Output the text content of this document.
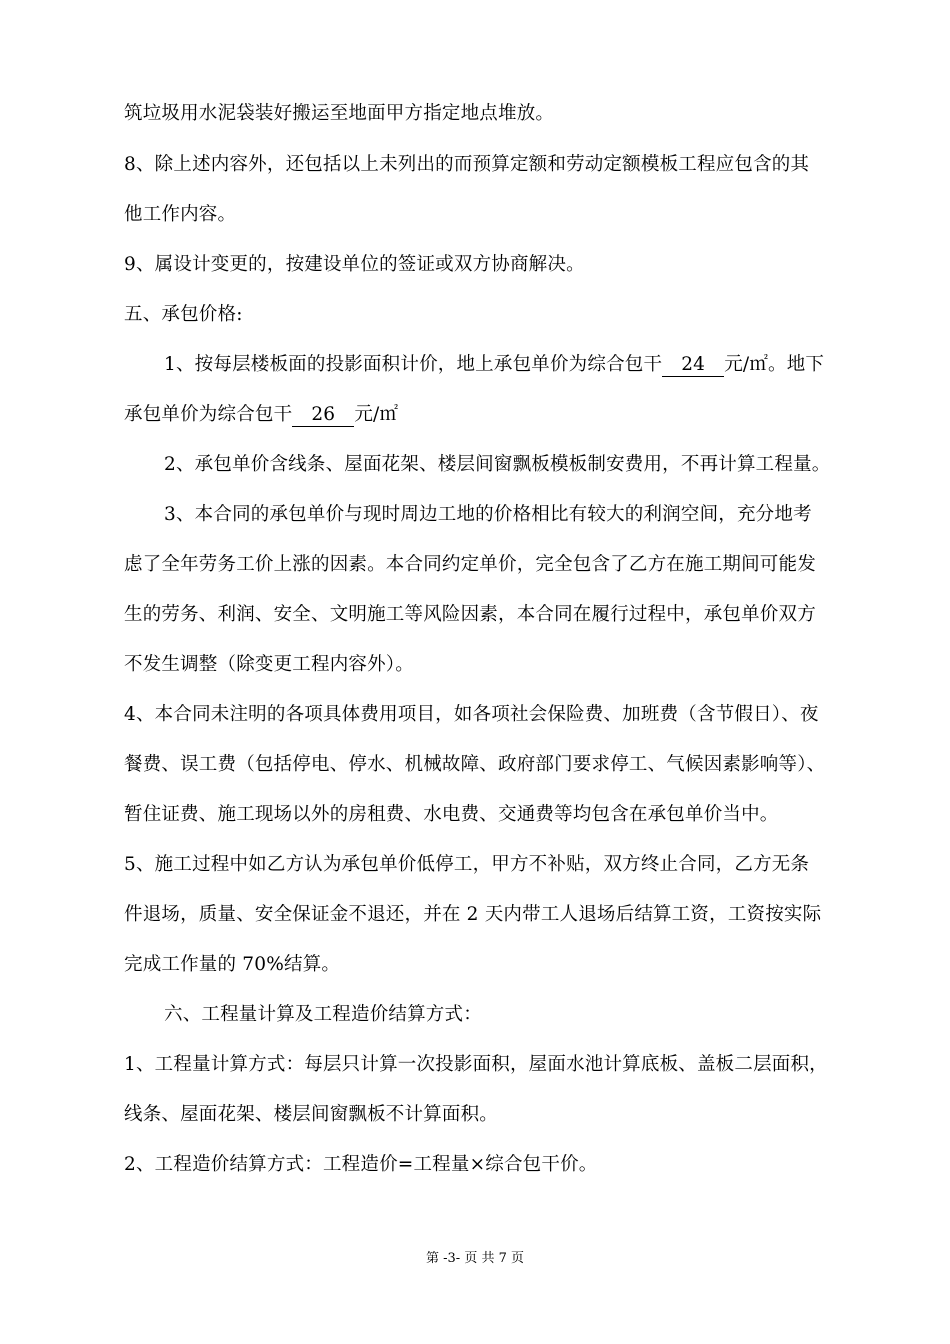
筑垃圾用水泥袋装好搬运至地面甲方指定地点堆放。
8、除上述内容外，还包括以上未列出的而预算定额和劳动定额模板工程应包含的其
他工作内容。
9、属设计变更的，按建设单位的签证或双方协商解决。
五、承包价格:
1、按每层楼板面的投影面积计价，地上承包单价为综合包干 24 元/㎡。地下
承包单价为综合包干 26 元/㎡
2、承包单价含线条、屋面花架、楼层间窗飘板模板制安费用，不再计算工程量。
3、本合同的承包单价与现时周边工地的价格相比有较大的利润空间，充分地考
虑了全年劳务工价上涨的因素。本合同约定单价，完全包含了乙方在施工期间可能发
生的劳务、利润、安全、文明施工等风险因素，本合同在履行过程中，承包单价双方
不发生调整（除变更工程内容外）。
4、本合同未注明的各项具体费用项目，如各项社会保险费、加班费（含节假日）、夜
餐费、误工费（包括停电、停水、机械故障、政府部门要求停工、气候因素影响等）、
暂住证费、施工现场以外的房租费、水电费、交通费等均包含在承包单价当中。
5、施工过程中如乙方认为承包单价低停工，甲方不补贴，双方终止合同，乙方无条
件退场，质量、安全保证金不退还，并在 2 天内带工人退场后结算工资，工资按实际
完成工作量的 70%结算。
六、工程量计算及工程造价结算方式：
1、工程量计算方式：每层只计算一次投影面积，屋面水池计算底板、盖板二层面积，
线条、屋面花架、楼层间窗飘板不计算面积。
2、工程造价结算方式：工程造价=工程量×综合包干价。
第 -3- 页 共 7 页
